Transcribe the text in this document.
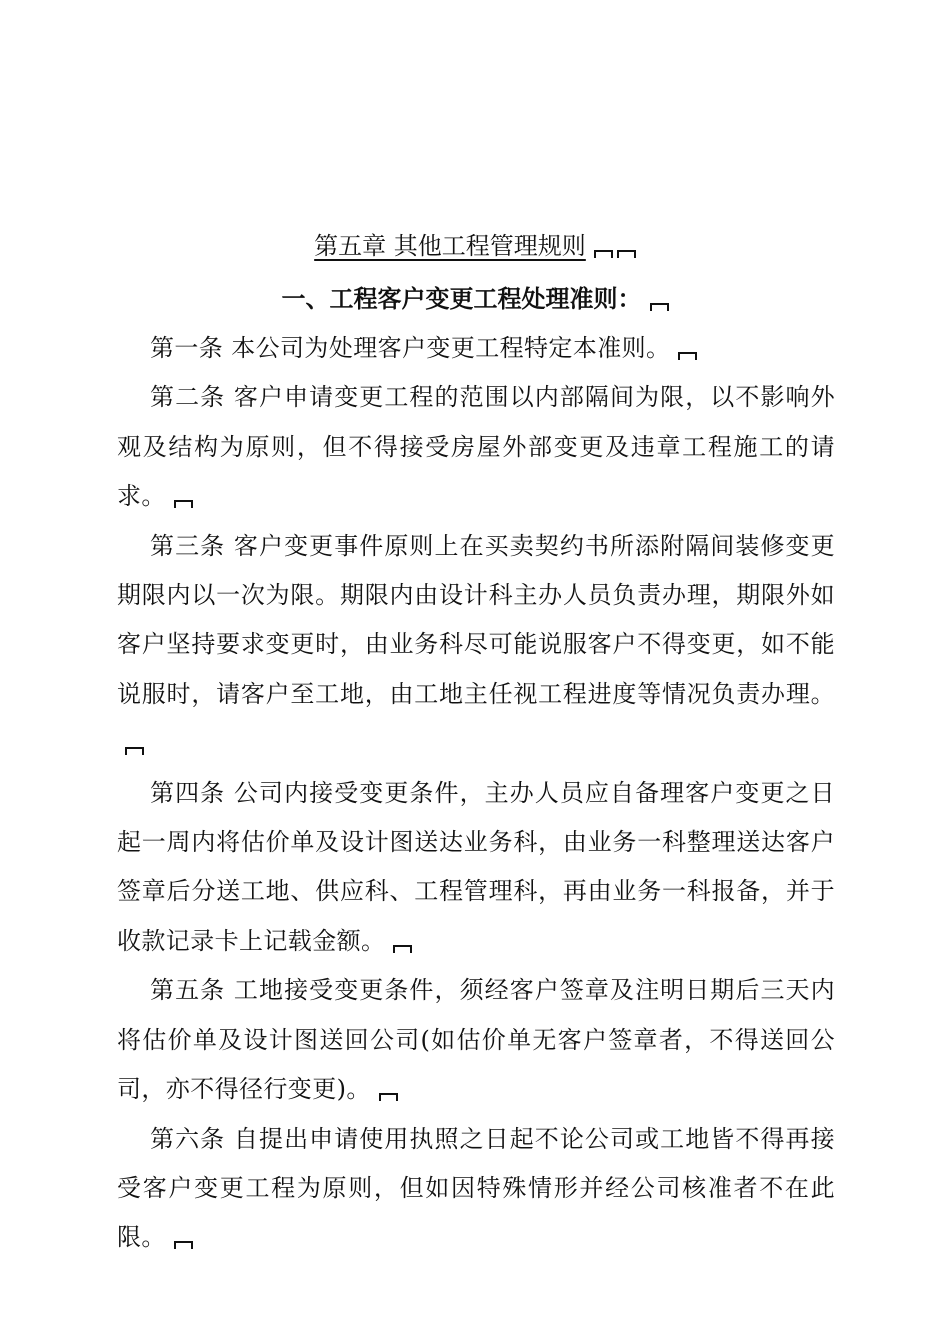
第五章 其他工程管理规则
一、工程客户变更工程处理准则：

第一条 本公司为处理客户变更工程特定本准则。

第二条 客户申请变更工程的范围以内部隔间为限，以不影响外观及结构为原则，但不得接受房屋外部变更及违章工程施工的请求。

第三条 客户变更事件原则上在买卖契约书所添附隔间装修变更期限内以一次为限。期限内由设计科主办人员负责办理，期限外如客户坚持要求变更时，由业务科尽可能说服客户不得变更，如不能说服时，请客户至工地，由工地主任视工程进度等情况负责办理。

第四条 公司内接受变更条件，主办人员应自备理客户变更之日起一周内将估价单及设计图送达业务科，由业务一科整理送达客户签章后分送工地、供应科、工程管理科，再由业务一科报备，并于收款记录卡上记载金额。

第五条 工地接受变更条件，须经客户签章及注明日期后三天内将估价单及设计图送回公司(如估价单无客户签章者，不得送回公司，亦不得径行变更)。

第六条 自提出申请使用执照之日起不论公司或工地皆不得再接受客户变更工程为原则，但如因特殊情形并经公司核准者不在此限。
